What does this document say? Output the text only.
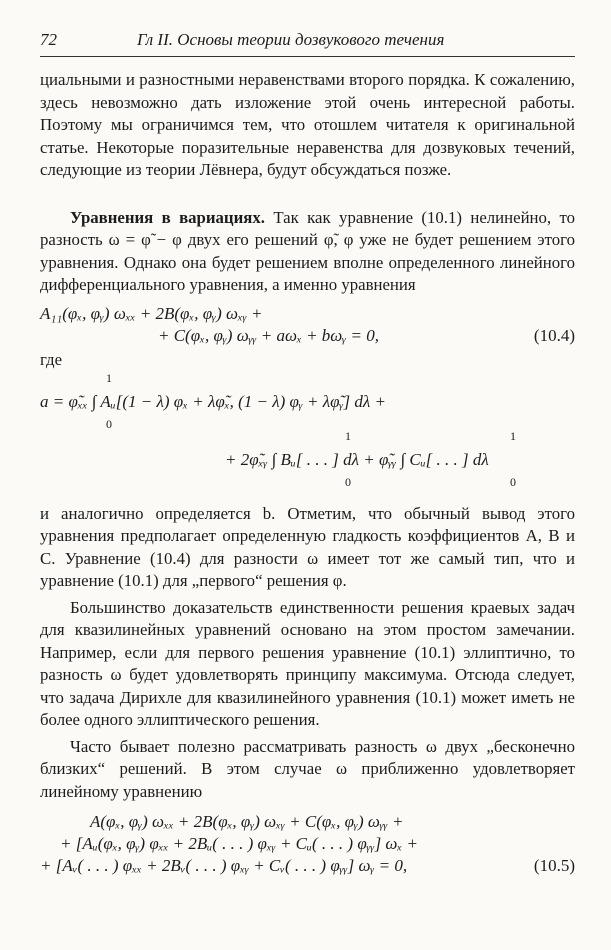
72	Гл II. Основы теории дозвукового течения

циальными и разностными неравенствами второго порядка. К сожалению, здесь невозможно дать изложение этой очень интересной работы. Поэтому мы ограничимся тем, что отошлем читателя к оригинальной статье. Некоторые поразительные неравенства для дозвуковых течений, следующие из теории Лёвнера, будут обсуждаться позже.

Уравнения в вариациях. Так как уравнение (10.1) нелинейно, то разность ω = φ̃ − φ двух его решений φ̃, φ уже не будет решением этого уравнения. Однако она будет решением вполне определенного линейного дифференциального уравнения, а именно уравнения

A₁₁(φₓ, φᵧ) ωₓₓ + 2B(φₓ, φᵧ) ωₓᵧ +
+ C(φₓ, φᵧ) ωᵧᵧ + aωₓ + bωᵧ = 0,	(10.4)

где

1
0
a = φ̃ₓₓ ∫ Aᵤ[(1 − λ) φₓ + λφ̃ₓ, (1 − λ) φᵧ + λφ̃ᵧ] dλ +
1
0
1
0
+ 2φ̃ₓᵧ ∫ Bᵤ[ . . . ] dλ + φ̃ᵧᵧ ∫ Cᵤ[ . . . ] dλ

и аналогично определяется b. Отметим, что обычный вывод этого уравнения предполагает определенную гладкость коэффициентов A, B и C. Уравнение (10.4) для разности ω имеет тот же самый тип, что и уравнение (10.1) для „первого“ решения φ.

Большинство доказательств единственности решения краевых задач для квазилинейных уравнений основано на этом простом замечании. Например, если для первого решения уравнение (10.1) эллиптично, то разность ω будет удовлетворять принципу максимума. Отсюда следует, что задача Дирихле для квазилинейного уравнения (10.1) может иметь не более одного эллиптического решения.

Часто бывает полезно рассматривать разность ω двух „бесконечно близких“ решений. В этом случае ω приближенно удовлетворяет линейному уравнению

A(φₓ, φᵧ) ωₓₓ + 2B(φₓ, φᵧ) ωₓᵧ + C(φₓ, φᵧ) ωᵧᵧ +
+ [Aᵤ(φₓ, φᵧ) φₓₓ + 2Bᵤ( . . . ) φₓᵧ + Cᵤ( . . . ) φᵧᵧ] ωₓ +
+ [Aᵥ( . . . ) φₓₓ + 2Bᵥ( . . . ) φₓᵧ + Cᵥ( . . . ) φᵧᵧ] ωᵧ = 0,	(10.5)
